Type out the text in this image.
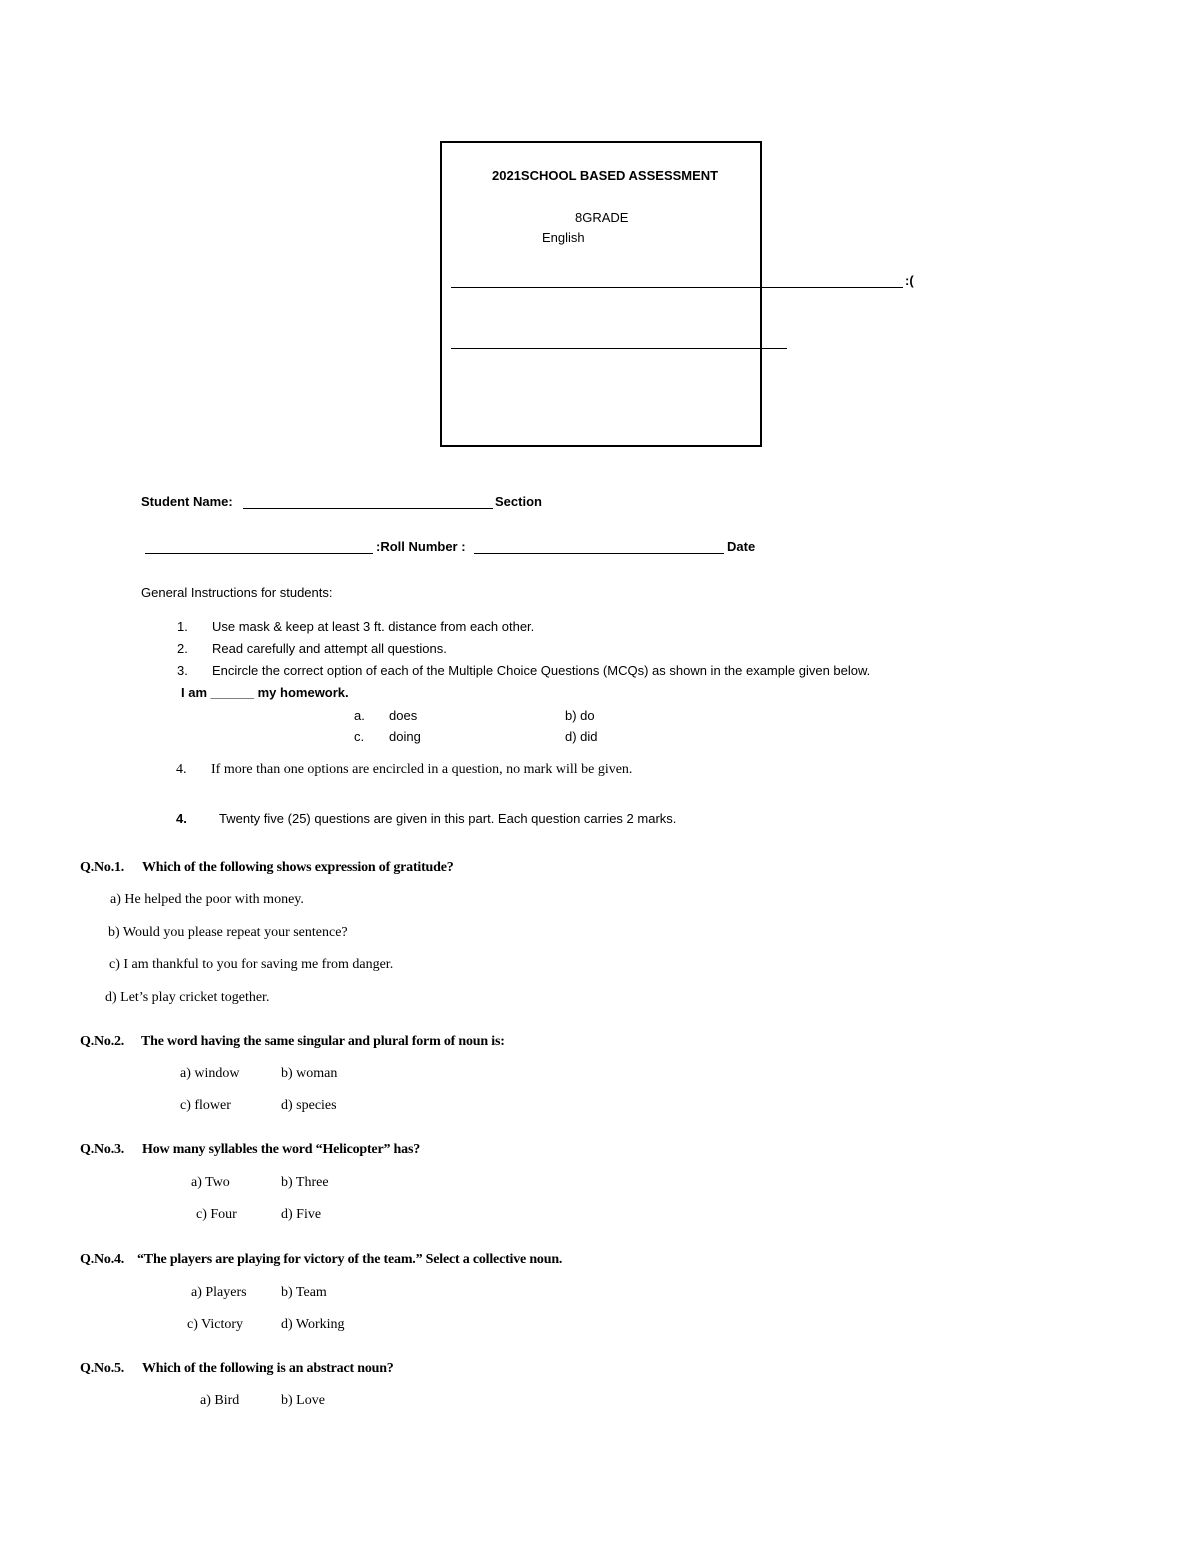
2021SCHOOL BASED ASSESSMENT
8GRADE
English
:(
Student Name:	Section
:Roll Number :	Date
General Instructions for students:
1. Use mask & keep at least 3 ft. distance from each other.
2. Read carefully and attempt all questions.
3. Encircle the correct option of each of the Multiple Choice Questions (MCQs) as shown in the example given below.
I am ______ my homework.
a. does	b) do
c. doing	d) did
4. If more than one options are encircled in a question, no mark will be given.
4. Twenty five (25) questions are given in this part. Each question carries 2 marks.
Q.No.1. Which of the following shows expression of gratitude?
a) He helped the poor with money.
b) Would you please repeat your sentence?
c) I am thankful to you for saving me from danger.
d) Let’s play cricket together.
Q.No.2. The word having the same singular and plural form of noun is:
a) window	b) woman
c) flower	d) species
Q.No.3. How many syllables the word “Helicopter” has?
a) Two	b) Three
c) Four	d) Five
Q.No.4. “The players are playing for victory of the team.” Select a collective noun.
a) Players b) Team
c) Victory	d) Working
Q.No.5. Which of the following is an abstract noun?
a) Bird	b) Love
